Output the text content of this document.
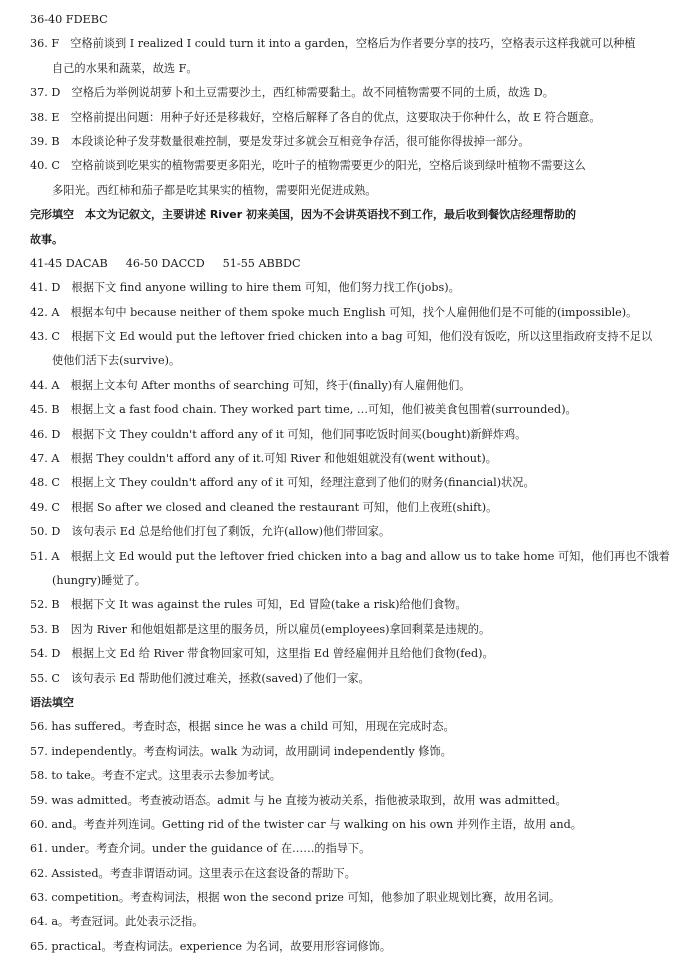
36-40 FDEBC
36. F　空格前谈到 I realized I could turn it into a garden，空格后为作者要分享的技巧，空格表示这样我就可以种植
自己的水果和蔬菜，故选 F。
37. D　空格后为举例说胡萝卜和土豆需要沙土，西红柿需要黏土。故不同植物需要不同的土质，故选 D。
38. E　空格前提出问题：用种子好还是移栽好，空格后解释了各自的优点，这要取决于你种什么，故 E 符合题意。
39. B　本段谈论种子发芽数量很难控制，要是发芽过多就会互相竞争存活，很可能你得拔掉一部分。
40. C　空格前谈到吃果实的植物需要更多阳光，吃叶子的植物需要更少的阳光，空格后谈到绿叶植物不需要这么
多阳光。西红柿和茄子都是吃其果实的植物，需要阳光促进成熟。
完形填空　本文为记叙文，主要讲述 River 初来美国，因为不会讲英语找不到工作，最后收到餐饮店经理帮助的
故事。
41-45 DACAB 46-50 DACCD 51-55 ABBDC
41. D　根据下文 find anyone willing to hire them 可知，他们努力找工作(jobs)。
42. A　根据本句中 because neither of them spoke much English 可知，找个人雇佣他们是不可能的(impossible)。
43. C　根据下文 Ed would put the leftover fried chicken into a bag 可知，他们没有饭吃，所以这里指政府支持不足以
使他们活下去(survive)。
44. A　根据上文本句 After months of searching 可知，终于(finally)有人雇佣他们。
45. B　根据上文 a fast food chain. They worked part time, …可知，他们被美食包围着(surrounded)。
46. D　根据下文 They couldn't afford any of it 可知，他们同事吃饭时间买(bought)新鲜炸鸡。
47. A　根据 They couldn't afford any of it.可知 River 和他姐姐就没有(went without)。
48. C　根据上文 They couldn't afford any of it 可知，经理注意到了他们的财务(financial)状况。
49. C　根据 So after we closed and cleaned the restaurant 可知，他们上夜班(shift)。
50. D　该句表示 Ed 总是给他们打包了剩饭，允许(allow)他们带回家。
51. A　根据上文 Ed would put the leftover fried chicken into a bag and allow us to take home 可知，他们再也不饿着
(hungry)睡觉了。
52. B　根据下文 It was against the rules 可知，Ed 冒险(take a risk)给他们食物。
53. B　因为 River 和他姐姐都是这里的服务员，所以雇员(employees)拿回剩菜是违规的。
54. D　根据上文 Ed 给 River 带食物回家可知，这里指 Ed 曾经雇佣并且给他们食物(fed)。
55. C　该句表示 Ed 帮助他们渡过难关，拯救(saved)了他们一家。
语法填空
56. has suffered。考查时态，根据 since he was a child 可知，用现在完成时态。
57. independently。考查构词法。walk 为动词，故用副词 independently 修饰。
58. to take。考查不定式。这里表示去参加考试。
59. was admitted。考查被动语态。admit 与 he 直接为被动关系，指他被录取到，故用 was admitted。
60. and。考查并列连词。Getting rid of the twister car 与 walking on his own 并列作主语，故用 and。
61. under。考查介词。under the guidance of 在……的指导下。
62. Assisted。考查非谓语动词。这里表示在这套设备的帮助下。
63. competition。考查构词法，根据 won the second prize 可知，他参加了职业规划比赛，故用名词。
64. a。考查冠词。此处表示泛指。
65. practical。考查构词法。experience 为名词，故要用形容词修饰。
